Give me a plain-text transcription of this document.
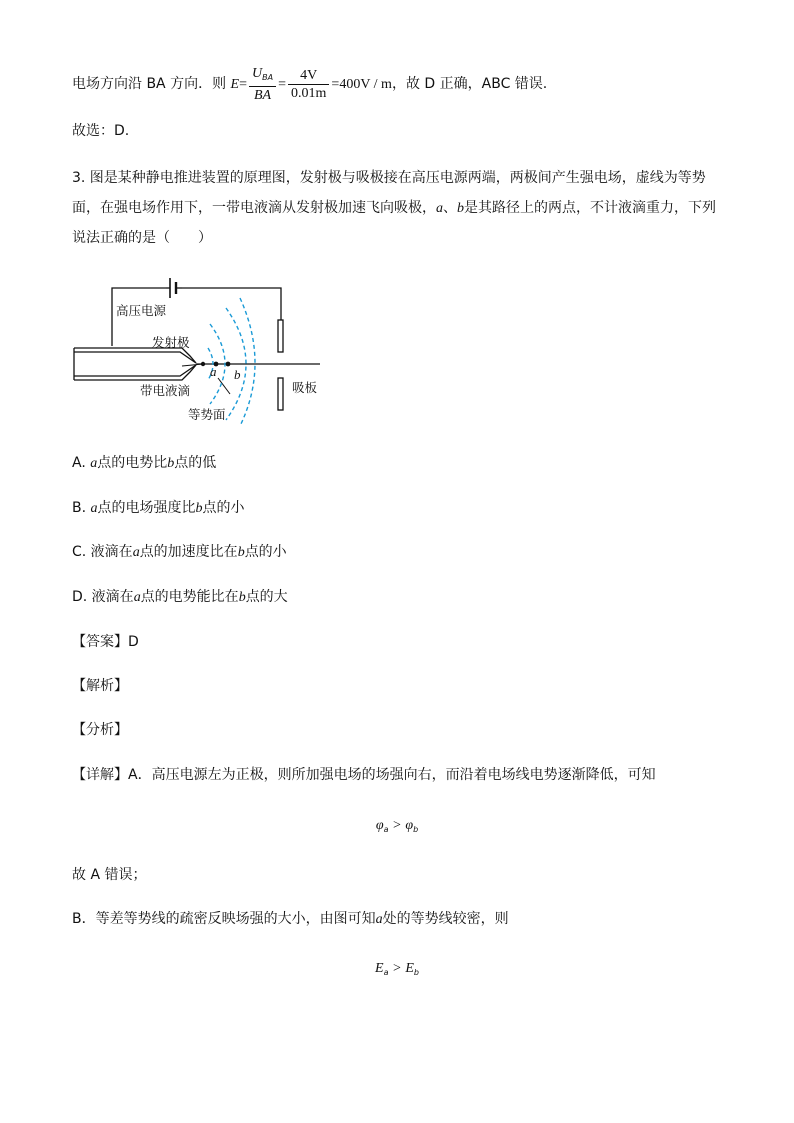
电场方向沿 BA 方向．则 $E= \frac{U_{BA}}{BA} = \frac{4V}{0.01m} =400V / m$，故 D 正确，ABC 错误.
故选：D.
3. 图是某种静电推进装置的原理图，发射极与吸极接在高压电源两端，两极间产生强电场，虚线为等势
面，在强电场作用下，一带电液滴从发射极加速飞向吸极，a、b是其路径上的两点，不计液滴重力，下列
说法正确的是（　　）
高压电源
发射极
带电液滴
等势面
吸板
a b
A. a点的电势比b点的低
B. a点的电场强度比b点的小
C. 液滴在a点的加速度比在b点的小
D. 液滴在a点的电势能比在b点的大
【答案】D
【解析】
【分析】
【详解】A．高压电源左为正极，则所加强电场的场强向右，而沿着电场线电势逐渐降低，可知
$\varphi_a > \varphi_b$
故 A 错误；
B．等差等势线的疏密反映场强的大小，由图可知a处的等势线较密，则
$E_a > E_b$
